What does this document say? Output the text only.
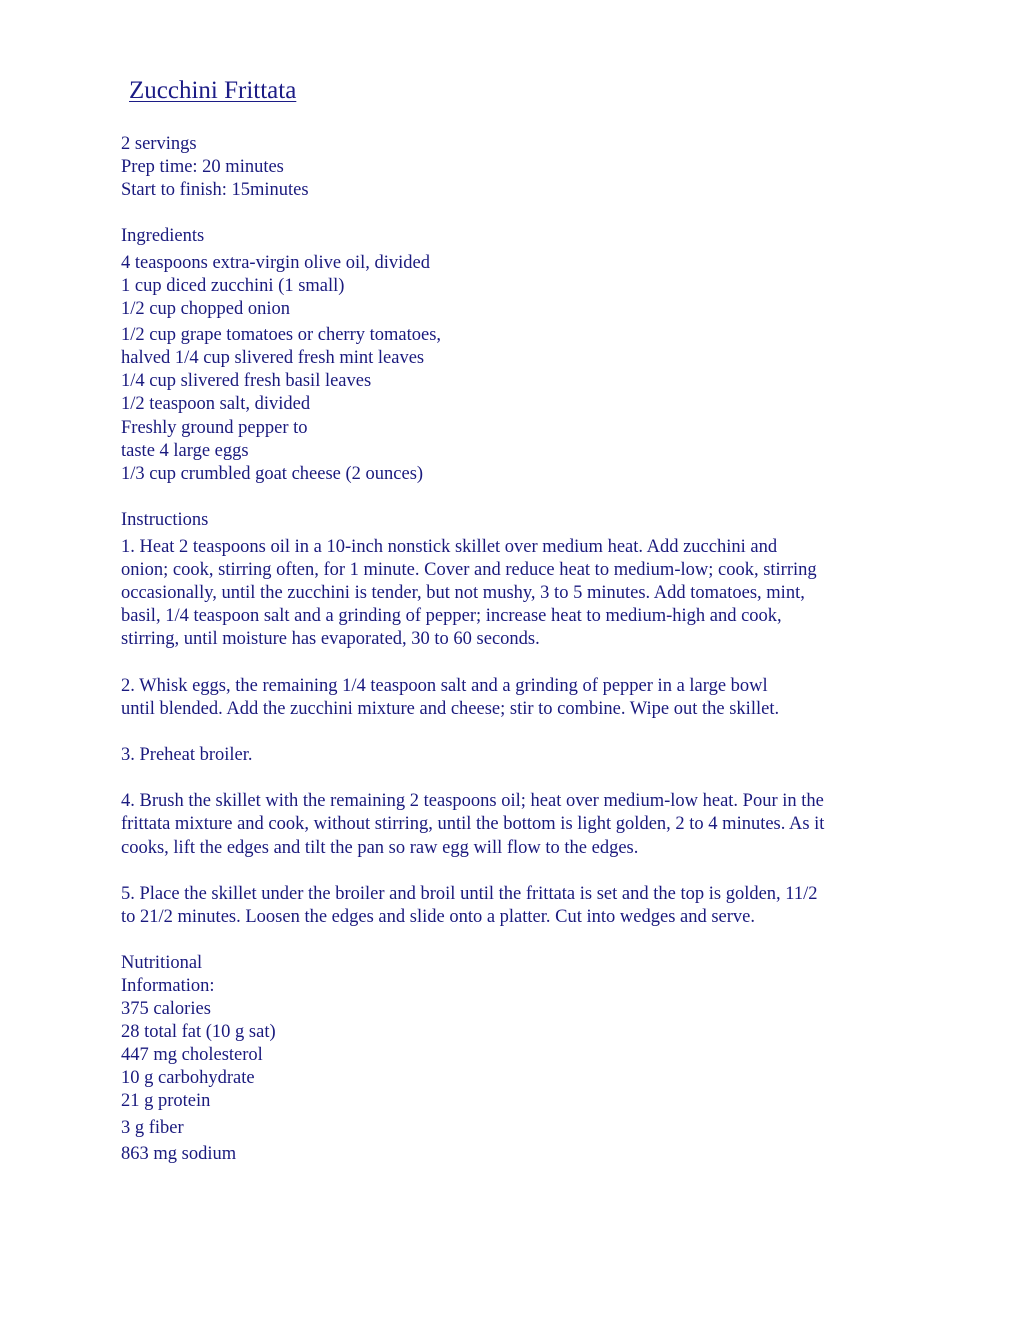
Zucchini Frittata
2 servings
Prep time: 20 minutes
Start to finish: 15minutes
Ingredients
4 teaspoons extra-virgin olive oil, divided
1 cup diced zucchini (1 small)
1/2 cup chopped onion
1/2 cup grape tomatoes or cherry tomatoes,
halved 1/4 cup slivered fresh mint leaves
1/4 cup slivered fresh basil leaves
1/2 teaspoon salt, divided
Freshly ground pepper to
taste 4 large eggs
1/3 cup crumbled goat cheese (2 ounces)
Instructions
1. Heat 2 teaspoons oil in a 10-inch nonstick skillet over medium heat. Add zucchini and
onion; cook, stirring often, for 1 minute. Cover and reduce heat to medium-low; cook, stirring
occasionally, until the zucchini is tender, but not mushy, 3 to 5 minutes. Add tomatoes, mint,
basil, 1/4 teaspoon salt and a grinding of pepper; increase heat to medium-high and cook,
stirring, until moisture has evaporated, 30 to 60 seconds.
2. Whisk eggs, the remaining 1/4 teaspoon salt and a grinding of pepper in a large bowl
until blended. Add the zucchini mixture and cheese; stir to combine. Wipe out the skillet.
3. Preheat broiler.
4. Brush the skillet with the remaining 2 teaspoons oil; heat over medium-low heat. Pour in the
frittata mixture and cook, without stirring, until the bottom is light golden, 2 to 4 minutes. As it
cooks, lift the edges and tilt the pan so raw egg will flow to the edges.
5. Place the skillet under the broiler and broil until the frittata is set and the top is golden, 11/2
to 21/2 minutes. Loosen the edges and slide onto a platter. Cut into wedges and serve.
Nutritional
Information:
375 calories
28 total fat (10 g sat)
447 mg cholesterol
10 g carbohydrate
21 g protein
3 g fiber
863 mg sodium
